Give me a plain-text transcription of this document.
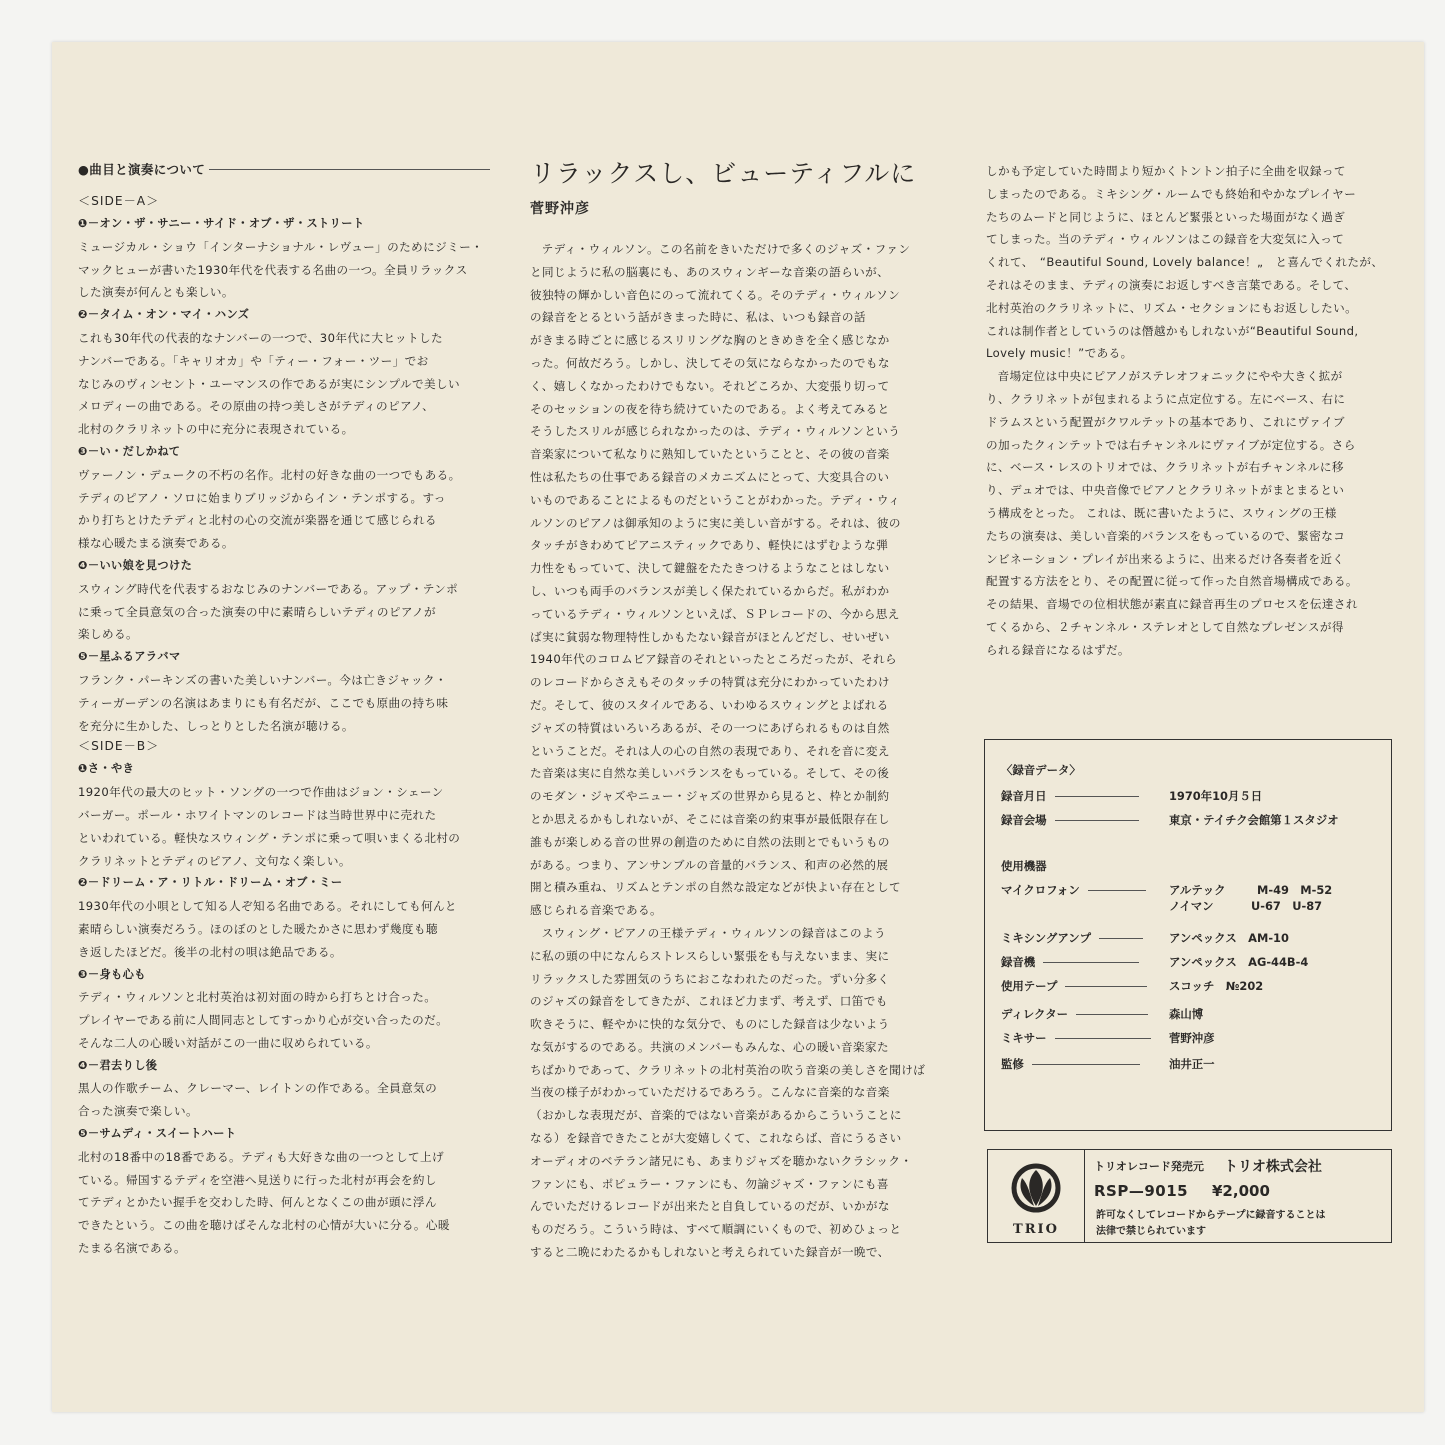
●曲目と演奏について
＜SIDE－A＞
❶－オン・ザ・サニー・サイド・オブ・ザ・ストリート

ミュージカル・ショウ「インターナショナル・レヴュー」のためにジミー・

マックヒューが書いた1930年代を代表する名曲の一つ。全員リラックス

した演奏が何んとも楽しい。

❷－タイム・オン・マイ・ハンズ

これも30年代の代表的なナンバーの一つで、30年代に大ヒットした

ナンバーである。「キャリオカ」や「ティー・フォー・ツー」でお

なじみのヴィンセント・ユーマンスの作であるが実にシンプルで美しい

メロディーの曲である。その原曲の持つ美しさがテディのピアノ、

北村のクラリネットの中に充分に表現されている。

❸－い・だしかねて

ヴァーノン・デュークの不朽の名作。北村の好きな曲の一つでもある。

テディのピアノ・ソロに始まりブリッジからイン・テンポする。すっ

かり打ちとけたテディと北村の心の交流が楽器を通じて感じられる

様な心暖たまる演奏である。

❹－いい娘を見つけた

スウィング時代を代表するおなじみのナンバーである。アップ・テンポ

に乗って全員意気の合った演奏の中に素晴らしいテディのピアノが

楽しめる。

❺－星ふるアラバマ

フランク・パーキンズの書いた美しいナンバー。今は亡きジャック・

ティーガーデンの名演はあまりにも有名だが、ここでも原曲の持ち味

を充分に生かした、しっとりとした名演が聴ける。

＜SIDE－B＞
❶さ・やき

1920年代の最大のヒット・ソングの一つで作曲はジョン・シェーン

バーガー。ポール・ホワイトマンのレコードは当時世界中に売れた

といわれている。軽快なスウィング・テンポに乗って唄いまくる北村の

クラリネットとテディのピアノ、文句なく楽しい。

❷－ドリーム・ア・リトル・ドリーム・オブ・ミー

1930年代の小唄として知る人ぞ知る名曲である。それにしても何んと

素晴らしい演奏だろう。ほのぼのとした暖たかさに思わず幾度も聴

き返したほどだ。後半の北村の唄は絶品である。

❸－身も心も

テディ・ウィルソンと北村英治は初対面の時から打ちとけ合った。

プレイヤーである前に人間同志としてすっかり心が交い合ったのだ。

そんな二人の心暖い対話がこの一曲に収められている。

❹－君去りし後

黒人の作歌チーム、クレーマー、レイトンの作である。全員意気の

合った演奏で楽しい。

❺－サムディ・スイートハート

北村の18番中の18番である。テディも大好きな曲の一つとして上げ

ている。帰国するテディを空港へ見送りに行った北村が再会を約し

てテディとかたい握手を交わした時、何んとなくこの曲が頭に浮ん

できたという。この曲を聴けばそんな北村の心情が大いに分る。心暖

たまる名演である。

リラックスし、ビューティフルに
菅野沖彦

テディ・ウィルソン。この名前をきいただけで多くのジャズ・ファン

と同じように私の脳裏にも、あのスウィンギーな音楽の語らいが、

彼独特の輝かしい音色にのって流れてくる。そのテディ・ウィルソン

の録音をとるという話がきまった時に、私は、いつも録音の話

がきまる時ごとに感じるスリリングな胸のときめきを全く感じなか

った。何故だろう。しかし、決してその気にならなかったのでもな

く、嬉しくなかったわけでもない。それどころか、大変張り切って

そのセッションの夜を待ち続けていたのである。よく考えてみると

そうしたスリルが感じられなかったのは、テディ・ウィルソンという

音楽家について私なりに熟知していたということと、その彼の音楽

性は私たちの仕事である録音のメカニズムにとって、大変具合のい

いものであることによるものだということがわかった。テディ・ウィ

ルソンのピアノは御承知のように実に美しい音がする。それは、彼の

タッチがきわめてピアニスティックであり、軽快にはずむような弾

力性をもっていて、決して鍵盤をたたきつけるようなことはしない

し、いつも両手のバランスが美しく保たれているからだ。私がわか

っているテディ・ウィルソンといえば、ＳＰレコードの、今から思え

ば実に貧弱な物理特性しかもたない録音がほとんどだし、せいぜい

1940年代のコロムビア録音のそれといったところだったが、それら

のレコードからさえもそのタッチの特質は充分にわかっていたわけ

だ。そして、彼のスタイルである、いわゆるスウィングとよばれる

ジャズの特質はいろいろあるが、その一つにあげられるものは自然

ということだ。それは人の心の自然の表現であり、それを音に変え

た音楽は実に自然な美しいバランスをもっている。そして、その後

のモダン・ジャズやニュー・ジャズの世界から見ると、枠とか制約

とか思えるかもしれないが、そこには音楽の約束事が最低限存在し

誰もが楽しめる音の世界の創造のために自然の法則とでもいうもの

がある。つまり、アンサンブルの音量的バランス、和声の必然的展

開と積み重ね、リズムとテンポの自然な設定などが快よい存在として

感じられる音楽である。

スウィング・ピアノの王様テディ・ウィルソンの録音はこのよう

に私の頭の中になんらストレスらしい緊張をも与えないまま、実に

リラックスした雰囲気のうちにおこなわれたのだった。ずい分多く

のジャズの録音をしてきたが、これほど力まず、考えず、口笛でも

吹きそうに、軽やかに快的な気分で、ものにした録音は少ないよう

な気がするのである。共演のメンバーもみんな、心の暖い音楽家た

ちばかりであって、クラリネットの北村英治の吹う音楽の美しさを聞けば

当夜の様子がわかっていただけるであろう。こんなに音楽的な音楽

（おかしな表現だが、音楽的ではない音楽があるからこういうことに

なる）を録音できたことが大変嬉しくて、これならば、音にうるさい

オーディオのベテラン諸兄にも、あまりジャズを聴かないクラシック・

ファンにも、ポピュラー・ファンにも、勿論ジャズ・ファンにも喜

んでいただけるレコードが出来たと自負しているのだが、いかがな

ものだろう。こういう時は、すべて順調にいくもので、初めひょっと

すると二晩にわたるかもしれないと考えられていた録音が一晩で、

しかも予定していた時間より短かくトントン拍子に全曲を収録って

しまったのである。ミキシング・ルームでも終始和やかなプレイヤー

たちのムードと同じように、ほとんど緊張といった場面がなく過ぎ

てしまった。当のテディ・ウィルソンはこの録音を大変気に入って

くれて、　“Beautiful Sound, Lovely balance！„　と喜んでくれたが、

それはそのまま、テディの演奏にお返しすべき言葉である。そして、

北村英治のクラリネットに、リズム・セクションにもお返ししたい。

これは制作者としていうのは僭越かもしれないが“Beautiful Sound,

Lovely music！”である。

音場定位は中央にピアノがステレオフォニックにやや大きく拡が

り、クラリネットが包まれるように点定位する。左にベース、右に

ドラムスという配置がクワルテットの基本であり、これにヴァイブ

の加ったクィンテットでは右チャンネルにヴァイブが定位する。さら

に、ベース・レスのトリオでは、クラリネットが右チャンネルに移

り、デュオでは、中央音像でピアノとクラリネットがまとまるとい

う構成をとった。 これは、既に書いたように、スウィングの王様

たちの演奏は、美しい音楽的バランスをもっているので、緊密なコ

ンビネーション・プレイが出来るように、出来るだけ各奏者を近く

配置する方法をとり、その配置に従って作った自然音場構成である。

その結果、音場での位相状態が素直に録音再生のプロセスを伝達され

てくるから、２チャンネル・ステレオとして自然なプレゼンスが得

られる録音になるはずだ。

〈録音データ〉
録音月日	1970年10月５日
録音会場	東京・テイチク会館第１スタジオ
使用機器
マイクロフォン	アルテック	M-49　M-52
ノイマン	U-67　U-87
ミキシングアンプ	アンペックス　AM-10
録音機	アンペックス　AG-44B-4
使用テープ	スコッチ　№202
ディレクター	森山博
ミキサー	菅野沖彦
監修	油井正一
TRIO
トリオレコード発売元 トリオ株式会社
RSP—9015 ¥2,000
許可なくしてレコードからテープに録音することは
法律で禁じられています
